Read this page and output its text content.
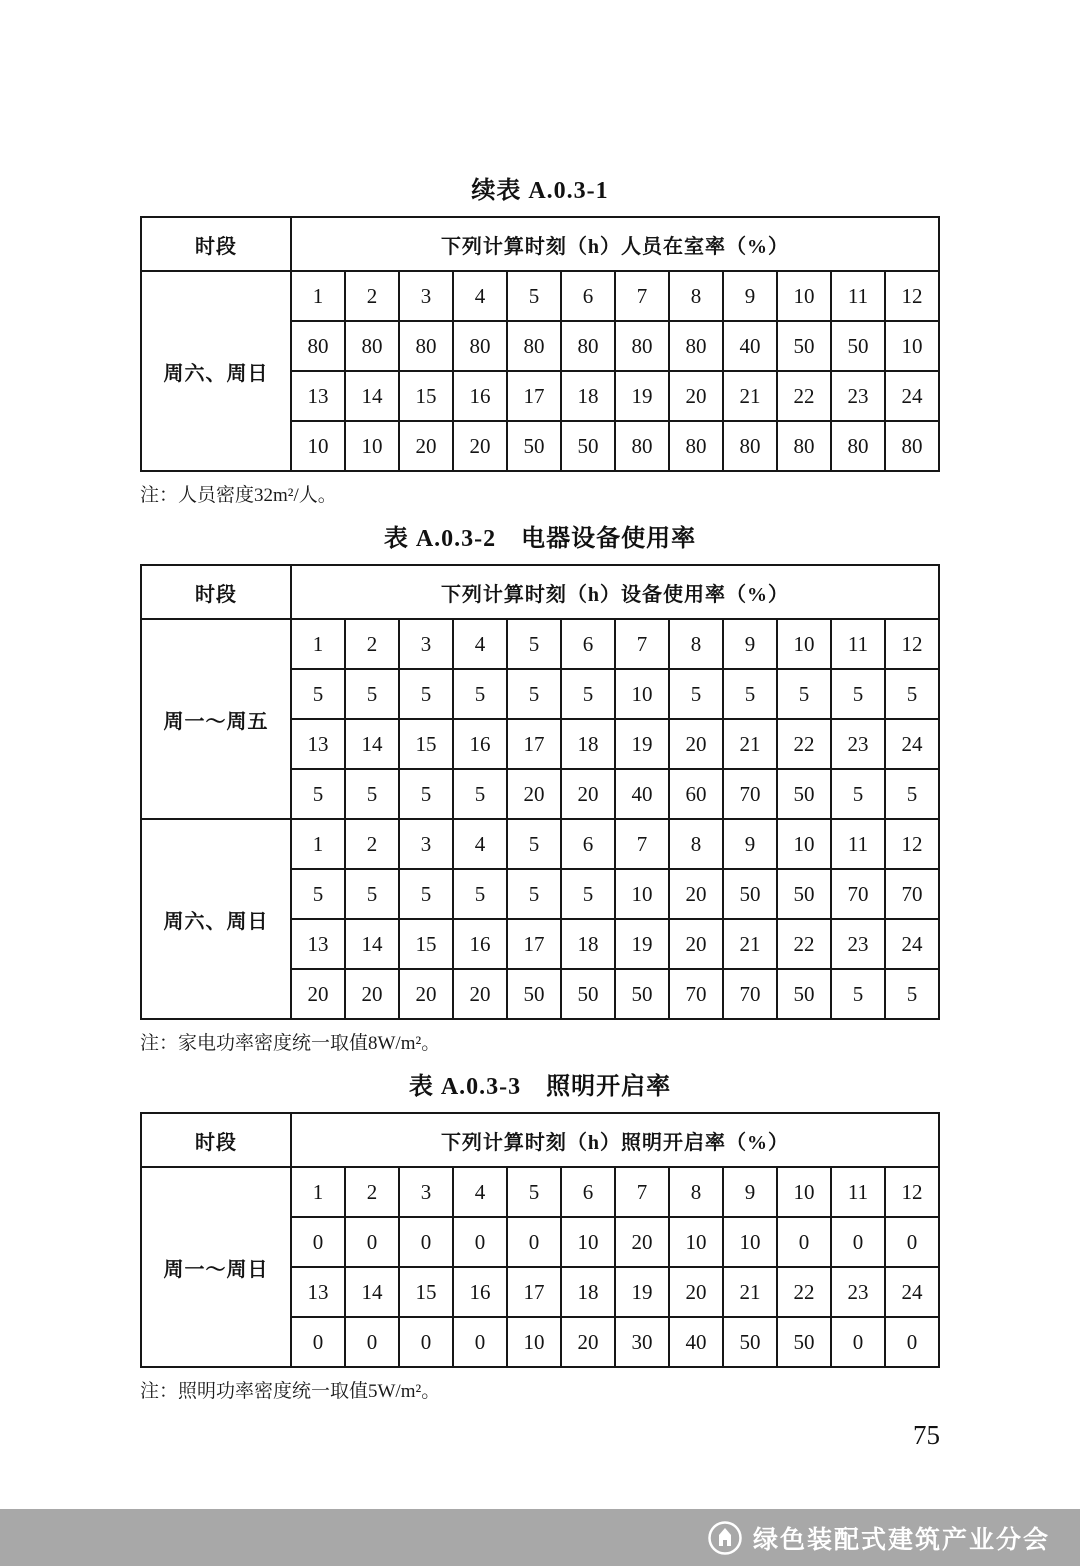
续表 A.0.3-1
时段	下列计算时刻（h）人员在室率（%）											
周六、周日	1	2	3	4	5	6	7	8	9	10	11	12
	80	80	80	80	80	80	80	80	40	50	50	10
	13	14	15	16	17	18	19	20	21	22	23	24
	10	10	20	20	50	50	80	80	80	80	80	80
注：人员密度32m²/人。
表 A.0.3-2　电器设备使用率
时段	下列计算时刻（h）设备使用率（%）											
周一～周五	1	2	3	4	5	6	7	8	9	10	11	12
	5	5	5	5	5	5	10	5	5	5	5	5
	13	14	15	16	17	18	19	20	21	22	23	24
	5	5	5	5	20	20	40	60	70	50	5	5
周六、周日	1	2	3	4	5	6	7	8	9	10	11	12
	5	5	5	5	5	5	10	20	50	50	70	70
	13	14	15	16	17	18	19	20	21	22	23	24
	20	20	20	20	50	50	50	70	70	50	5	5
注：家电功率密度统一取值8W/m²。
表 A.0.3-3　照明开启率
时段	下列计算时刻（h）照明开启率（%）											
周一～周日	1	2	3	4	5	6	7	8	9	10	11	12
	0	0	0	0	0	10	20	10	10	0	0	0
	13	14	15	16	17	18	19	20	21	22	23	24
	0	0	0	0	10	20	30	40	50	50	0	0
注：照明功率密度统一取值5W/m²。
75
绿色装配式建筑产业分会
